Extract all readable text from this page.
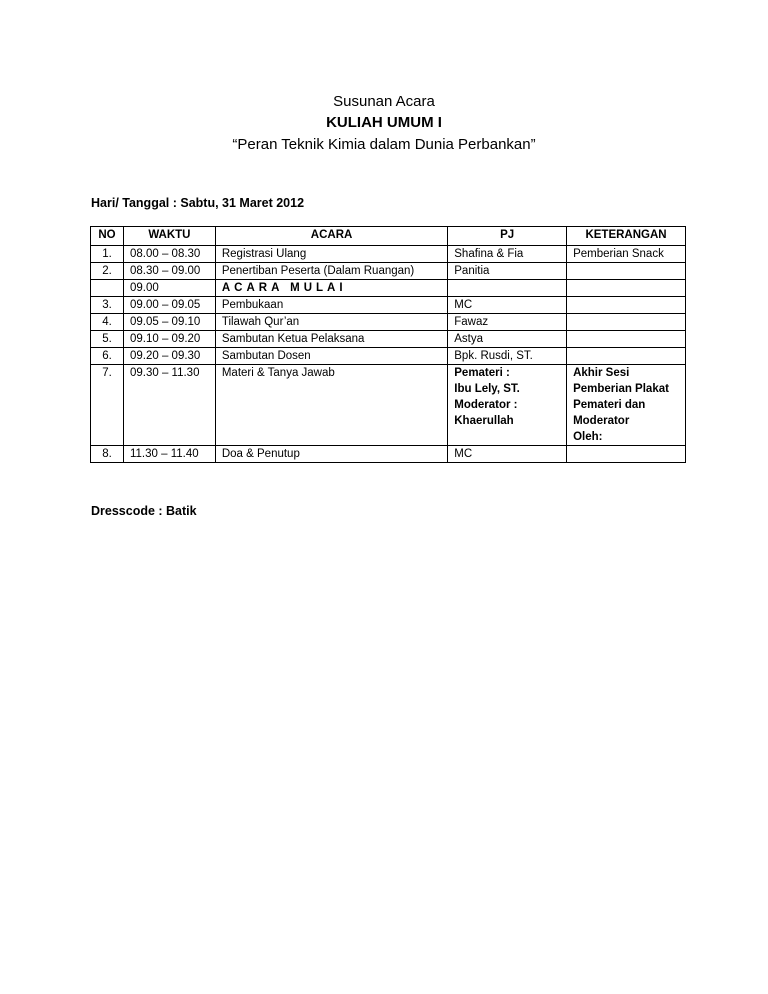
Susunan Acara
KULIAH UMUM I
“Peran Teknik Kimia dalam Dunia Perbankan”
Hari/ Tanggal : Sabtu, 31 Maret 2012
NO	WAKTU	ACARA	PJ	KETERANGAN
1.	08.00 – 08.30	Registrasi Ulang	Shafina & Fia	Pemberian Snack
2.	08.30 – 09.00	Penertiban Peserta (Dalam Ruangan)	Panitia	
	09.00	ACARA MULAI		
3.	09.00 – 09.05	Pembukaan	MC	
4.	09.05 – 09.10	Tilawah Qur’an	Fawaz	
5.	09.10 – 09.20	Sambutan Ketua Pelaksana	Astya	
6.	09.20 – 09.30	Sambutan Dosen	Bpk. Rusdi, ST.	
7.	09.30 – 11.30	Materi & Tanya Jawab	Pemateri :
Ibu Lely, ST.
Moderator :
Khaerullah	Akhir Sesi
Pemberian Plakat
Pemateri dan
Moderator
Oleh:

8.	11.30 – 11.40	Doa & Penutup	MC	
Dresscode : Batik
